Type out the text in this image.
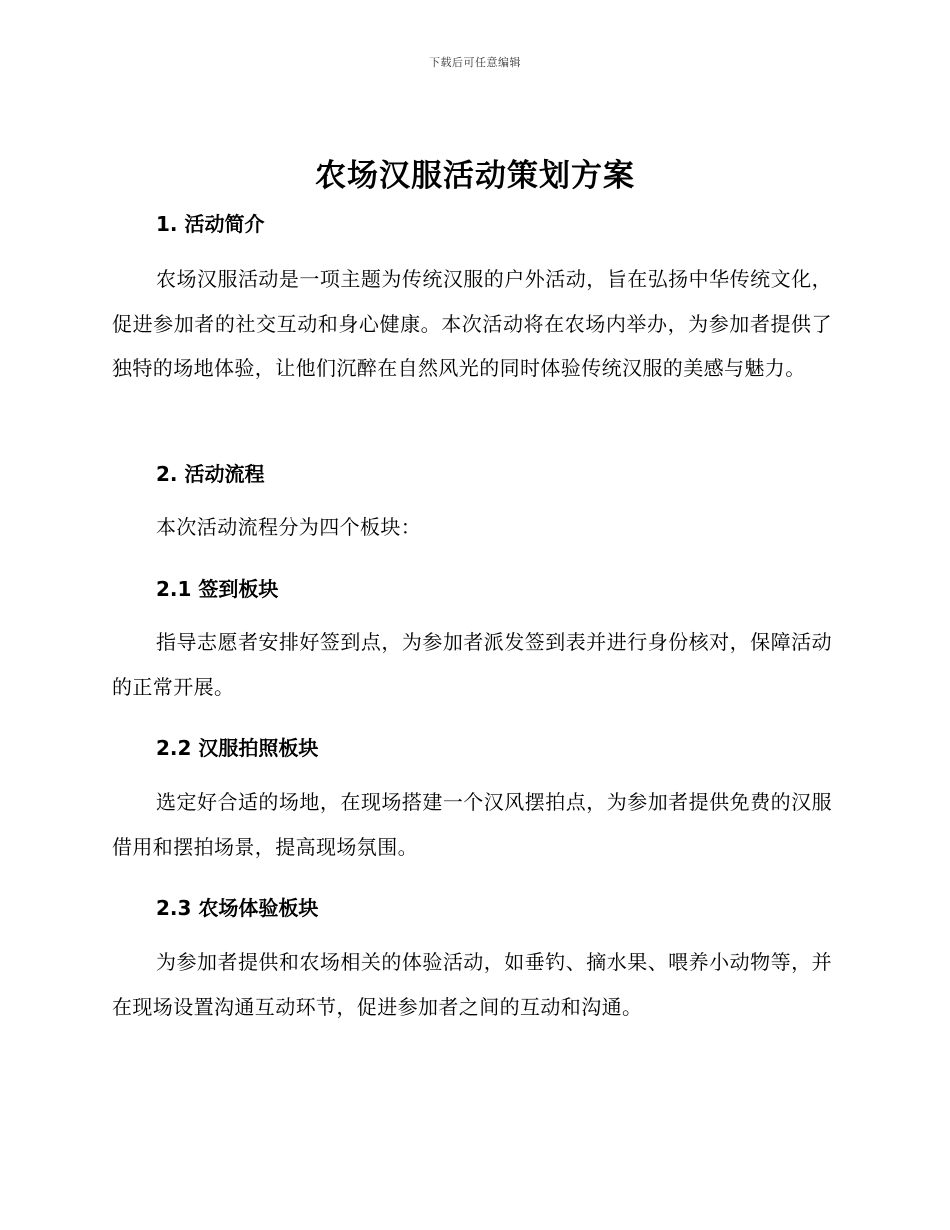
下载后可任意编辑
农场汉服活动策划方案
1. 活动简介

农场汉服活动是一项主题为传统汉服的户外活动，旨在弘扬中华传统文化，促进参加者的社交互动和身心健康。本次活动将在农场内举办，为参加者提供了独特的场地体验，让他们沉醉在自然风光的同时体验传统汉服的美感与魅力。

2. 活动流程

本次活动流程分为四个板块：

2.1 签到板块

指导志愿者安排好签到点，为参加者派发签到表并进行身份核对，保障活动的正常开展。

2.2 汉服拍照板块

选定好合适的场地，在现场搭建一个汉风摆拍点，为参加者提供免费的汉服借用和摆拍场景，提高现场氛围。

2.3 农场体验板块

为参加者提供和农场相关的体验活动，如垂钓、摘水果、喂养小动物等，并在现场设置沟通互动环节，促进参加者之间的互动和沟通。
